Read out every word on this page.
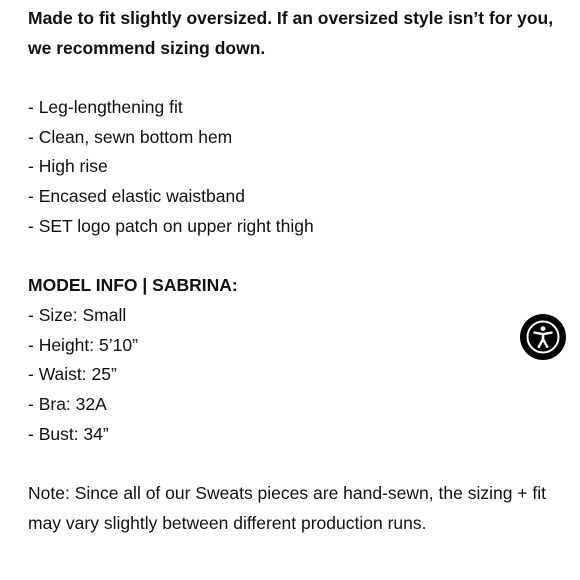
Made to fit slightly oversized. If an oversized style isn’t for you,
we recommend sizing down.
- Leg-lengthening fit
- Clean, sewn bottom hem
- High rise
- Encased elastic waistband
- SET logo patch on upper right thigh
MODEL INFO | SABRINA:
- Size: Small
- Height: 5’10”
- Waist: 25”
- Bra: 32A
- Bust: 34”
Note: Since all of our Sweats pieces are hand-sewn, the sizing + fit may vary slightly between different production runs.
